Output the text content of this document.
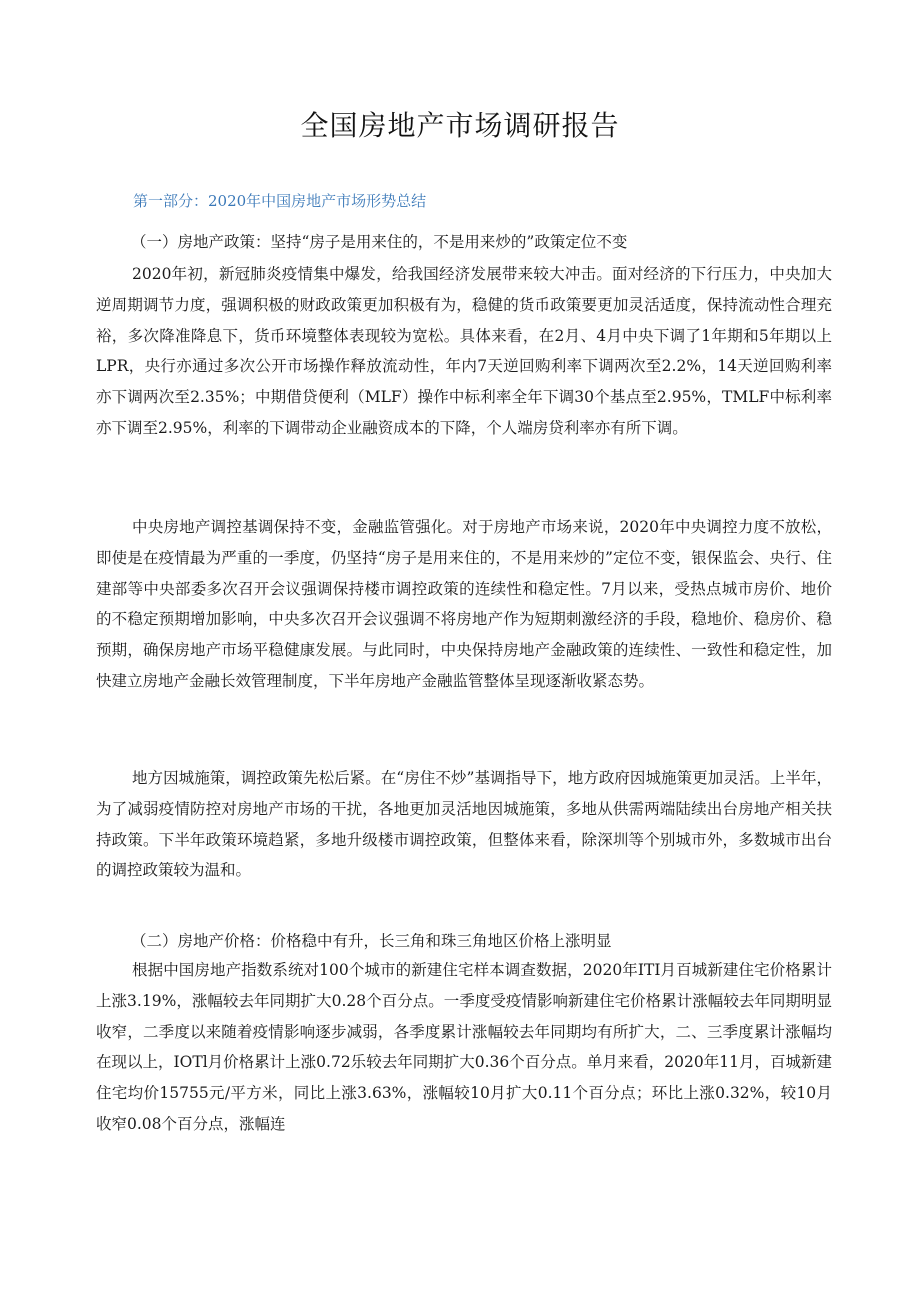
全国房地产市场调研报告
第一部分：2020年中国房地产市场形势总结
（一）房地产政策：坚持“房子是用来住的，不是用来炒的”政策定位不变
2020年初，新冠肺炎疫情集中爆发，给我国经济发展带来较大冲击。面对经济的下行压力，中央加大逆周期调节力度，强调积极的财政政策更加积极有为，稳健的货币政策要更加灵活适度，保持流动性合理充裕，多次降准降息下，货币环境整体表现较为宽松。具体来看，在2月、4月中央下调了1年期和5年期以上LPR，央行亦通过多次公开市场操作释放流动性，年内7天逆回购利率下调两次至2.2%，14天逆回购利率亦下调两次至2.35%；中期借贷便利（MLF）操作中标利率全年下调30个基点至2.95%，TMLF中标利率亦下调至2.95%，利率的下调带动企业融资成本的下降，个人端房贷利率亦有所下调。
中央房地产调控基调保持不变，金融监管强化。对于房地产市场来说，2020年中央调控力度不放松，即使是在疫情最为严重的一季度，仍坚持“房子是用来住的，不是用来炒的”定位不变，银保监会、央行、住建部等中央部委多次召开会议强调保持楼市调控政策的连续性和稳定性。7月以来，受热点城市房价、地价的不稳定预期增加影响，中央多次召开会议强调不将房地产作为短期刺激经济的手段，稳地价、稳房价、稳预期，确保房地产市场平稳健康发展。与此同时，中央保持房地产金融政策的连续性、一致性和稳定性，加快建立房地产金融长效管理制度，下半年房地产金融监管整体呈现逐渐收紧态势。
地方因城施策，调控政策先松后紧。在“房住不炒”基调指导下，地方政府因城施策更加灵活。上半年，为了减弱疫情防控对房地产市场的干扰，各地更加灵活地因城施策，多地从供需两端陆续出台房地产相关扶持政策。下半年政策环境趋紧，多地升级楼市调控政策，但整体来看，除深圳等个别城市外，多数城市出台的调控政策较为温和。
（二）房地产价格：价格稳中有升，长三角和珠三角地区价格上涨明显
根据中国房地产指数系统对100个城市的新建住宅样本调查数据，2020年ITI月百城新建住宅价格累计上涨3.19%，涨幅较去年同期扩大0.28个百分点。一季度受疫情影响新建住宅价格累计涨幅较去年同期明显收窄，二季度以来随着疫情影响逐步减弱，各季度累计涨幅较去年同期均有所扩大，二、三季度累计涨幅均在现以上，IOTl月价格累计上涨0.72乐较去年同期扩大0.36个百分点。单月来看，2020年11月，百城新建住宅均价15755元/平方米，同比上涨3.63%，涨幅较10月扩大0.11个百分点；环比上涨0.32%，较10月收窄0.08个百分点，涨幅连
